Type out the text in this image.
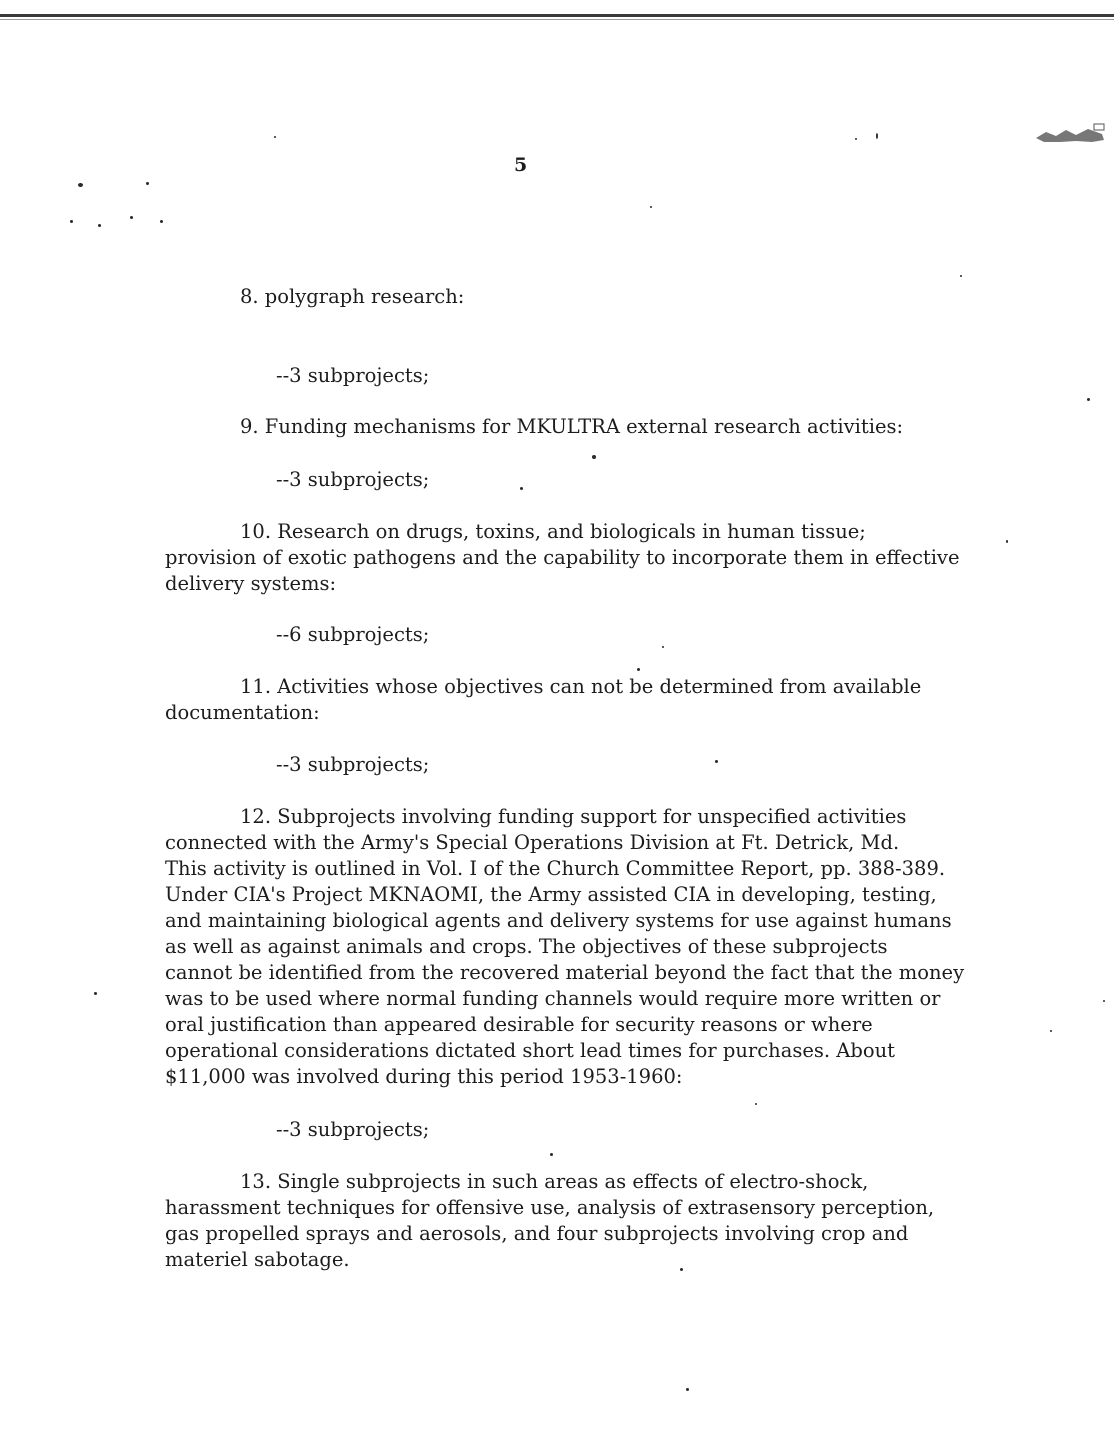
5
8. polygraph research:
--3 subprojects;
9. Funding mechanisms for MKULTRA external research activities:
--3 subprojects;
10. Research on drugs, toxins, and biologicals in human tissue;
provision of exotic pathogens and the capability to incorporate them in effective
delivery systems:
--6 subprojects;
11. Activities whose objectives can not be determined from available
documentation:
--3 subprojects;
12. Subprojects involving funding support for unspecified activities
connected with the Army's Special Operations Division at Ft. Detrick, Md.
This activity is outlined in Vol. I of the Church Committee Report, pp. 388-389.
Under CIA's Project MKNAOMI, the Army assisted CIA in developing, testing,
and maintaining biological agents and delivery systems for use against humans
as well as against animals and crops. The objectives of these subprojects
cannot be identified from the recovered material beyond the fact that the money
was to be used where normal funding channels would require more written or
oral justification than appeared desirable for security reasons or where
operational considerations dictated short lead times for purchases. About
$11,000 was involved during this period 1953-1960:
--3 subprojects;
13. Single subprojects in such areas as effects of electro-shock,
harassment techniques for offensive use, analysis of extrasensory perception,
gas propelled sprays and aerosols, and four subprojects involving crop and
materiel sabotage.
